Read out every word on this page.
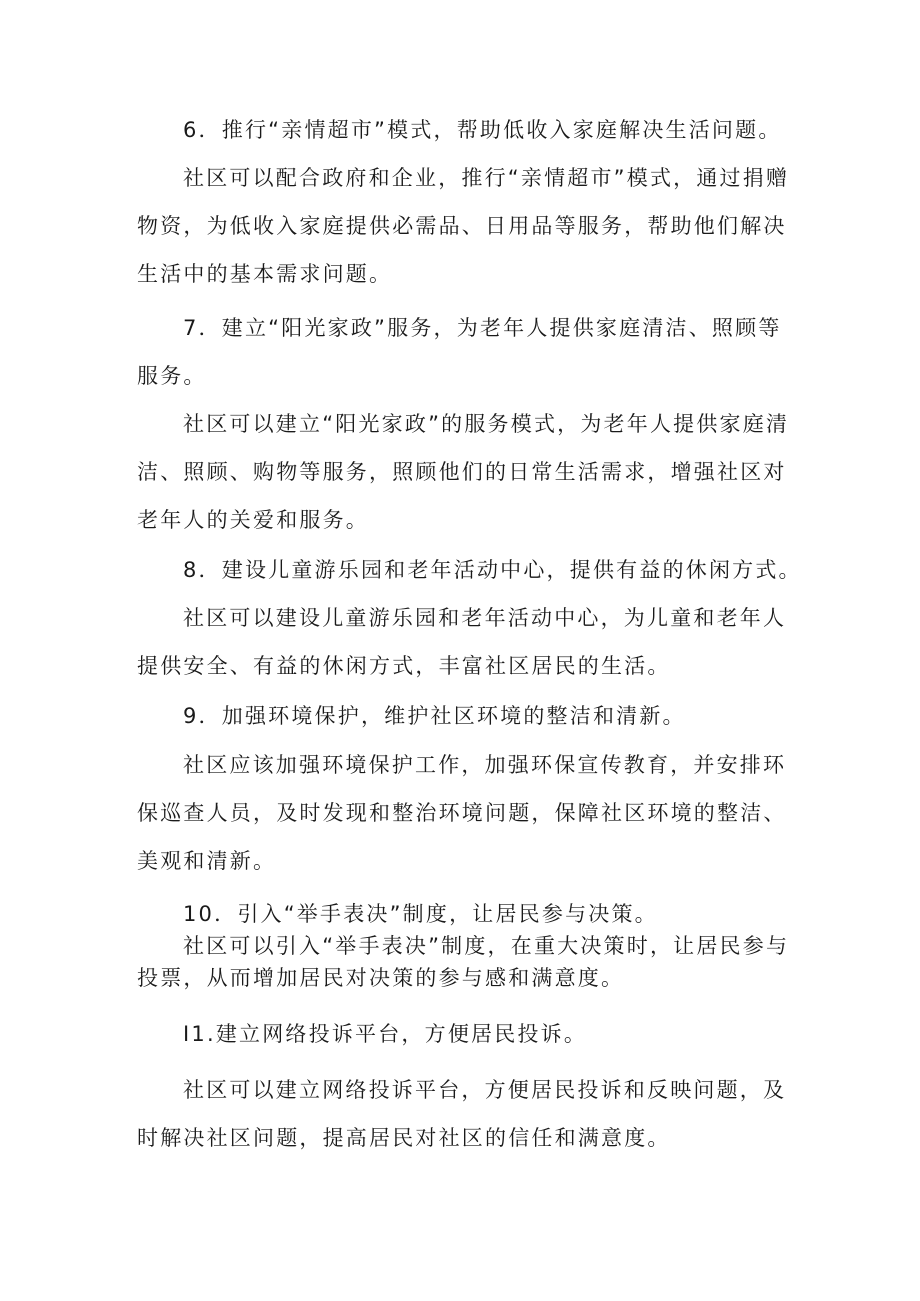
6．推行“亲情超市”模式，帮助低收入家庭解决生活问题。

社区可以配合政府和企业，推行“亲情超市”模式，通过捐赠物资，为低收入家庭提供必需品、日用品等服务，帮助他们解决生活中的基本需求问题。

7．建立“阳光家政”服务，为老年人提供家庭清洁、照顾等服务。

社区可以建立“阳光家政”的服务模式，为老年人提供家庭清洁、照顾、购物等服务，照顾他们的日常生活需求，增强社区对老年人的关爱和服务。

8．建设儿童游乐园和老年活动中心，提供有益的休闲方式。

社区可以建设儿童游乐园和老年活动中心，为儿童和老年人提供安全、有益的休闲方式，丰富社区居民的生活。

9．加强环境保护，维护社区环境的整洁和清新。

社区应该加强环境保护工作，加强环保宣传教育，并安排环保巡查人员，及时发现和整治环境问题，保障社区环境的整洁、美观和清新。

10．引入“举手表决”制度，让居民参与决策。

社区可以引入“举手表决”制度，在重大决策时，让居民参与投票，从而增加居民对决策的参与感和满意度。

I1.建立网络投诉平台，方便居民投诉。

社区可以建立网络投诉平台，方便居民投诉和反映问题，及时解决社区问题，提高居民对社区的信任和满意度。
